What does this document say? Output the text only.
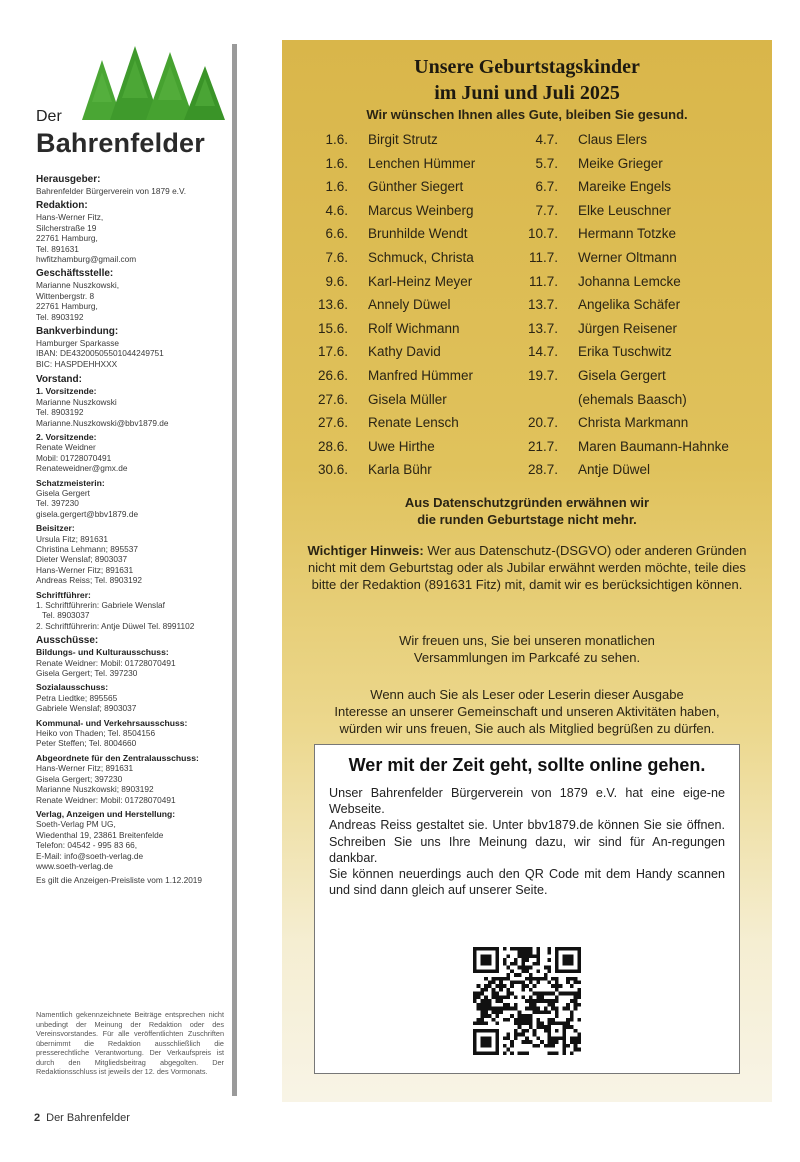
Der
Bahrenfelder
Herausgeber:
Bahrenfelder Bürgerverein von 1879 e.V.
Redaktion:
Hans-Werner Fitz,
Silcherstraße 19
22761 Hamburg,
Tel. 891631
hwfitzhamburg@gmail.com
Geschäftsstelle:
Marianne Nuszkowski,
Wittenbergstr. 8
22761 Hamburg,
Tel. 8903192
Bankverbindung:
Hamburger Sparkasse
IBAN: DE43200505501044249751
BIC: HASPDEHHXXX
Vorstand:
1. Vorsitzende:
Marianne Nuszkowski
Tel. 8903192
Marianne.Nuszkowski@bbv1879.de
2. Vorsitzende:
Renate Weidner
Mobil: 01728070491
Renateweidner@gmx.de
Schatzmeisterin:
Gisela Gergert
Tel. 397230
gisela.gergert@bbv1879.de
Beisitzer:
Ursula Fitz; 891631
Christina Lehmann; 895537
Dieter Wenslaf; 8903037
Hans-Werner Fitz; 891631
Andreas Reiss; Tel. 8903192
Schriftführer:
1. Schriftführerin: Gabriele Wenslaf
Tel. 8903037
2. Schriftführerin: Antje Düwel Tel. 8991102
Ausschüsse:
Bildungs- und Kulturausschuss:
Renate Weidner: Mobil: 01728070491
Gisela Gergert; Tel. 397230
Sozialausschuss:
Petra Liedtke; 895565
Gabriele Wenslaf; 8903037
Kommunal- und Verkehrsausschuss:
Heiko von Thaden; Tel. 8504156
Peter Steffen; Tel. 8004660
Abgeordnete für den Zentralausschuss:
Hans-Werner Fitz; 891631
Gisela Gergert; 397230
Marianne Nuszkowski; 8903192
Renate Weidner: Mobil: 01728070491
Verlag, Anzeigen und Herstellung:
Soeth-Verlag PM UG,
Wiedenthal 19, 23861 Breitenfelde
Telefon: 04542 - 995 83 66,
E-Mail: info@soeth-verlag.de
www.soeth-verlag.de
Es gilt die Anzeigen-Preisliste vom 1.12.2019
Namentlich gekennzeichnete Beiträge entsprechen nicht unbedingt der Meinung der Redaktion oder des Vereinsvorstandes. Für alle veröffentlichten Zuschriften übernimmt die Redaktion ausschließlich die presserechtliche Verantwortung. Der Verkaufspreis ist durch den Mitgliedsbeitrag abgegolten. Der Redaktionsschluss ist jeweils der 12. des Vormonats.
2 Der Bahrenfelder
Unsere Geburtstagskinder
im Juni und Juli 2025
Wir wünschen Ihnen alles Gute, bleiben Sie gesund.
1.6. Birgit Strutz
1.6. Lenchen Hümmer
1.6. Günther Siegert
4.6. Marcus Weinberg
6.6. Brunhilde Wendt
7.6. Schmuck, Christa
9.6. Karl-Heinz Meyer
13.6. Annely Düwel
15.6. Rolf Wichmann
17.6. Kathy David
26.6. Manfred Hümmer
27.6. Gisela Müller
27.6. Renate Lensch
28.6. Uwe Hirthe
30.6. Karla Bühr
4.7. Claus Elers
5.7. Meike Grieger
6.7. Mareike Engels
7.7. Elke Leuschner
10.7. Hermann Totzke
11.7. Werner Oltmann
11.7. Johanna Lemcke
13.7. Angelika Schäfer
13.7. Jürgen Reisener
14.7. Erika Tuschwitz
19.7. Gisela Gergert
(ehemals Baasch)
20.7. Christa Markmann
21.7. Maren Baumann-Hahnke
28.7. Antje Düwel
Aus Datenschutzgründen erwähnen wir
die runden Geburtstage nicht mehr.
Wichtiger Hinweis: Wer aus Datenschutz-(DSGVO) oder anderen Gründen nicht mit dem Geburtstag oder als Jubilar erwähnt werden möchte, teile dies bitte der Redaktion (891631 Fitz) mit, damit wir es berücksichtigen können.
Wir freuen uns, Sie bei unseren monatlichen
Versammlungen im Parkcafé zu sehen.
Wenn auch Sie als Leser oder Leserin dieser Ausgabe
Interesse an unserer Gemeinschaft und unseren Aktivitäten haben,
würden wir uns freuen, Sie auch als Mitglied begrüßen zu dürfen.
Wer mit der Zeit geht, sollte online gehen.
Unser Bahrenfelder Bürgerverein von 1879 e.V. hat eine eige-ne Webseite.
Andreas Reiss gestaltet sie. Unter bbv1879.de können Sie sie öffnen. Schreiben Sie uns Ihre Meinung dazu, wir sind für An-regungen dankbar.
Sie können neuerdings auch den QR Code mit dem Handy scannen und sind dann gleich auf unserer Seite.
